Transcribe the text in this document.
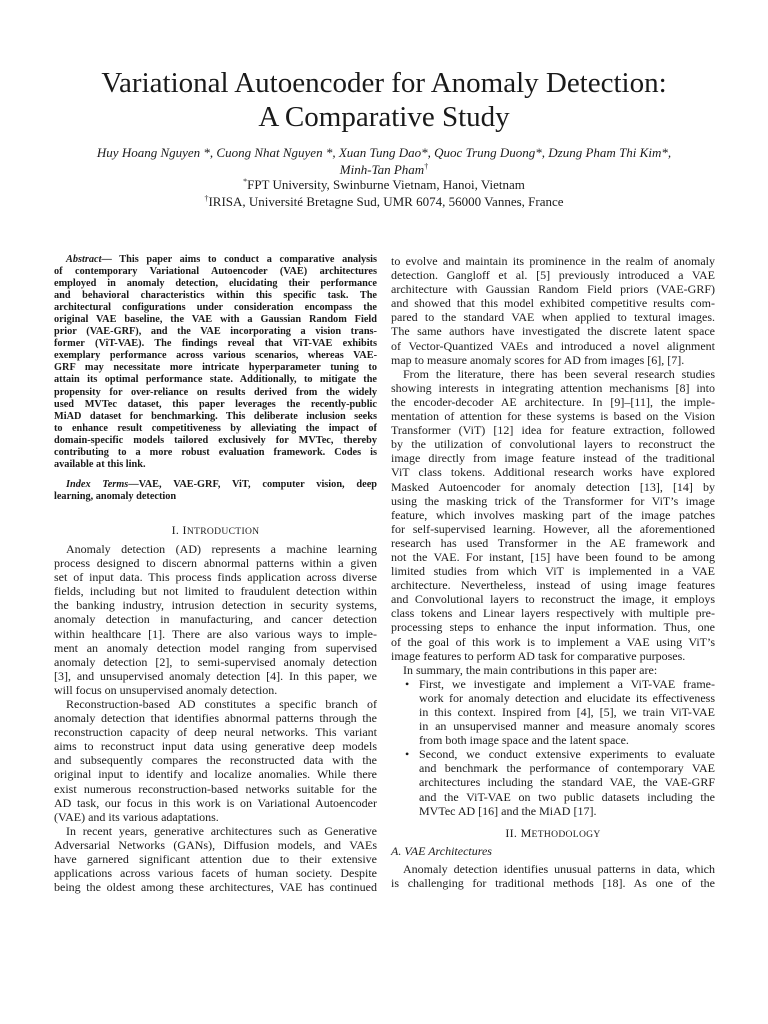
Variational Autoencoder for Anomaly Detection:
A Comparative Study
Huy Hoang Nguyen *, Cuong Nhat Nguyen *, Xuan Tung Dao*, Quoc Trung Duong*, Dzung Pham Thi Kim*,
Minh-Tan Pham†
*FPT University, Swinburne Vietnam, Hanoi, Vietnam
†IRISA, Université Bretagne Sud, UMR 6074, 56000 Vannes, France
Abstract— This paper aims to conduct a comparative analysis
of contemporary Variational Autoencoder (VAE) architectures
employed in anomaly detection, elucidating their performance
and behavioral characteristics within this specific task. The
architectural configurations under consideration encompass the
original VAE baseline, the VAE with a Gaussian Random Field
prior (VAE-GRF), and the VAE incorporating a vision trans-
former (ViT-VAE). The findings reveal that ViT-VAE exhibits
exemplary performance across various scenarios, whereas VAE-
GRF may necessitate more intricate hyperparameter tuning to
attain its optimal performance state. Additionally, to mitigate the
propensity for over-reliance on results derived from the widely
used MVTec dataset, this paper leverages the recently-public
MiAD dataset for benchmarking. This deliberate inclusion seeks
to enhance result competitiveness by alleviating the impact of
domain-specific models tailored exclusively for MVTec, thereby
contributing to a more robust evaluation framework. Codes is
available at this link.
Index Terms—VAE, VAE-GRF, ViT, computer vision, deep
learning, anomaly detection
I. INTRODUCTION
Anomaly detection (AD) represents a machine learning
process designed to discern abnormal patterns within a given
set of input data. This process finds application across diverse
fields, including but not limited to fraudulent detection within
the banking industry, intrusion detection in security systems,
anomaly detection in manufacturing, and cancer detection
within healthcare [1]. There are also various ways to imple-
ment an anomaly detection model ranging from supervised
anomaly detection [2], to semi-supervised anomaly detection
[3], and unsupervised anomaly detection [4]. In this paper, we
will focus on unsupervised anomaly detection.
Reconstruction-based AD constitutes a specific branch of
anomaly detection that identifies abnormal patterns through the
reconstruction capacity of deep neural networks. This variant
aims to reconstruct input data using generative deep models
and subsequently compares the reconstructed data with the
original input to identify and localize anomalies. While there
exist numerous reconstruction-based networks suitable for the
AD task, our focus in this work is on Variational Autoencoder
(VAE) and its various adaptations.
In recent years, generative architectures such as Generative
Adversarial Networks (GANs), Diffusion models, and VAEs
have garnered significant attention due to their extensive
applications across various facets of human society. Despite
being the oldest among these architectures, VAE has continued
to evolve and maintain its prominence in the realm of anomaly
detection. Gangloff et al. [5] previously introduced a VAE
architecture with Gaussian Random Field priors (VAE-GRF)
and showed that this model exhibited competitive results com-
pared to the standard VAE when applied to textural images.
The same authors have investigated the discrete latent space
of Vector-Quantized VAEs and introduced a novel alignment
map to measure anomaly scores for AD from images [6], [7].
From the literature, there has been several research studies
showing interests in integrating attention mechanisms [8] into
the encoder-decoder AE architecture. In [9]–[11], the imple-
mentation of attention for these systems is based on the Vision
Transformer (ViT) [12] idea for feature extraction, followed
by the utilization of convolutional layers to reconstruct the
image directly from image feature instead of the traditional
ViT class tokens. Additional research works have explored
Masked Autoencoder for anomaly detection [13], [14] by
using the masking trick of the Transformer for ViT’s image
feature, which involves masking part of the image patches
for self-supervised learning. However, all the aforementioned
research has used Transformer in the AE framework and
not the VAE. For instant, [15] have been found to be among
limited studies from which ViT is implemented in a VAE
architecture. Nevertheless, instead of using image features
and Convolutional layers to reconstruct the image, it employs
class tokens and Linear layers respectively with multiple pre-
processing steps to enhance the input information. Thus, one
of the goal of this work is to implement a VAE using ViT’s
image features to perform AD task for comparative purposes.
In summary, the main contributions in this paper are:
• First, we investigate and implement a ViT-VAE frame-
work for anomaly detection and elucidate its effectiveness
in this context. Inspired from [4], [5], we train ViT-VAE
in an unsupervised manner and measure anomaly scores
from both image space and the latent space.
• Second, we conduct extensive experiments to evaluate
and benchmark the performance of contemporary VAE
architectures including the standard VAE, the VAE-GRF
and the ViT-VAE on two public datasets including the
MVTec AD [16] and the MiAD [17].
II. METHODOLOGY
A. VAE Architectures
Anomaly detection identifies unusual patterns in data, which
is challenging for traditional methods [18]. As one of the
